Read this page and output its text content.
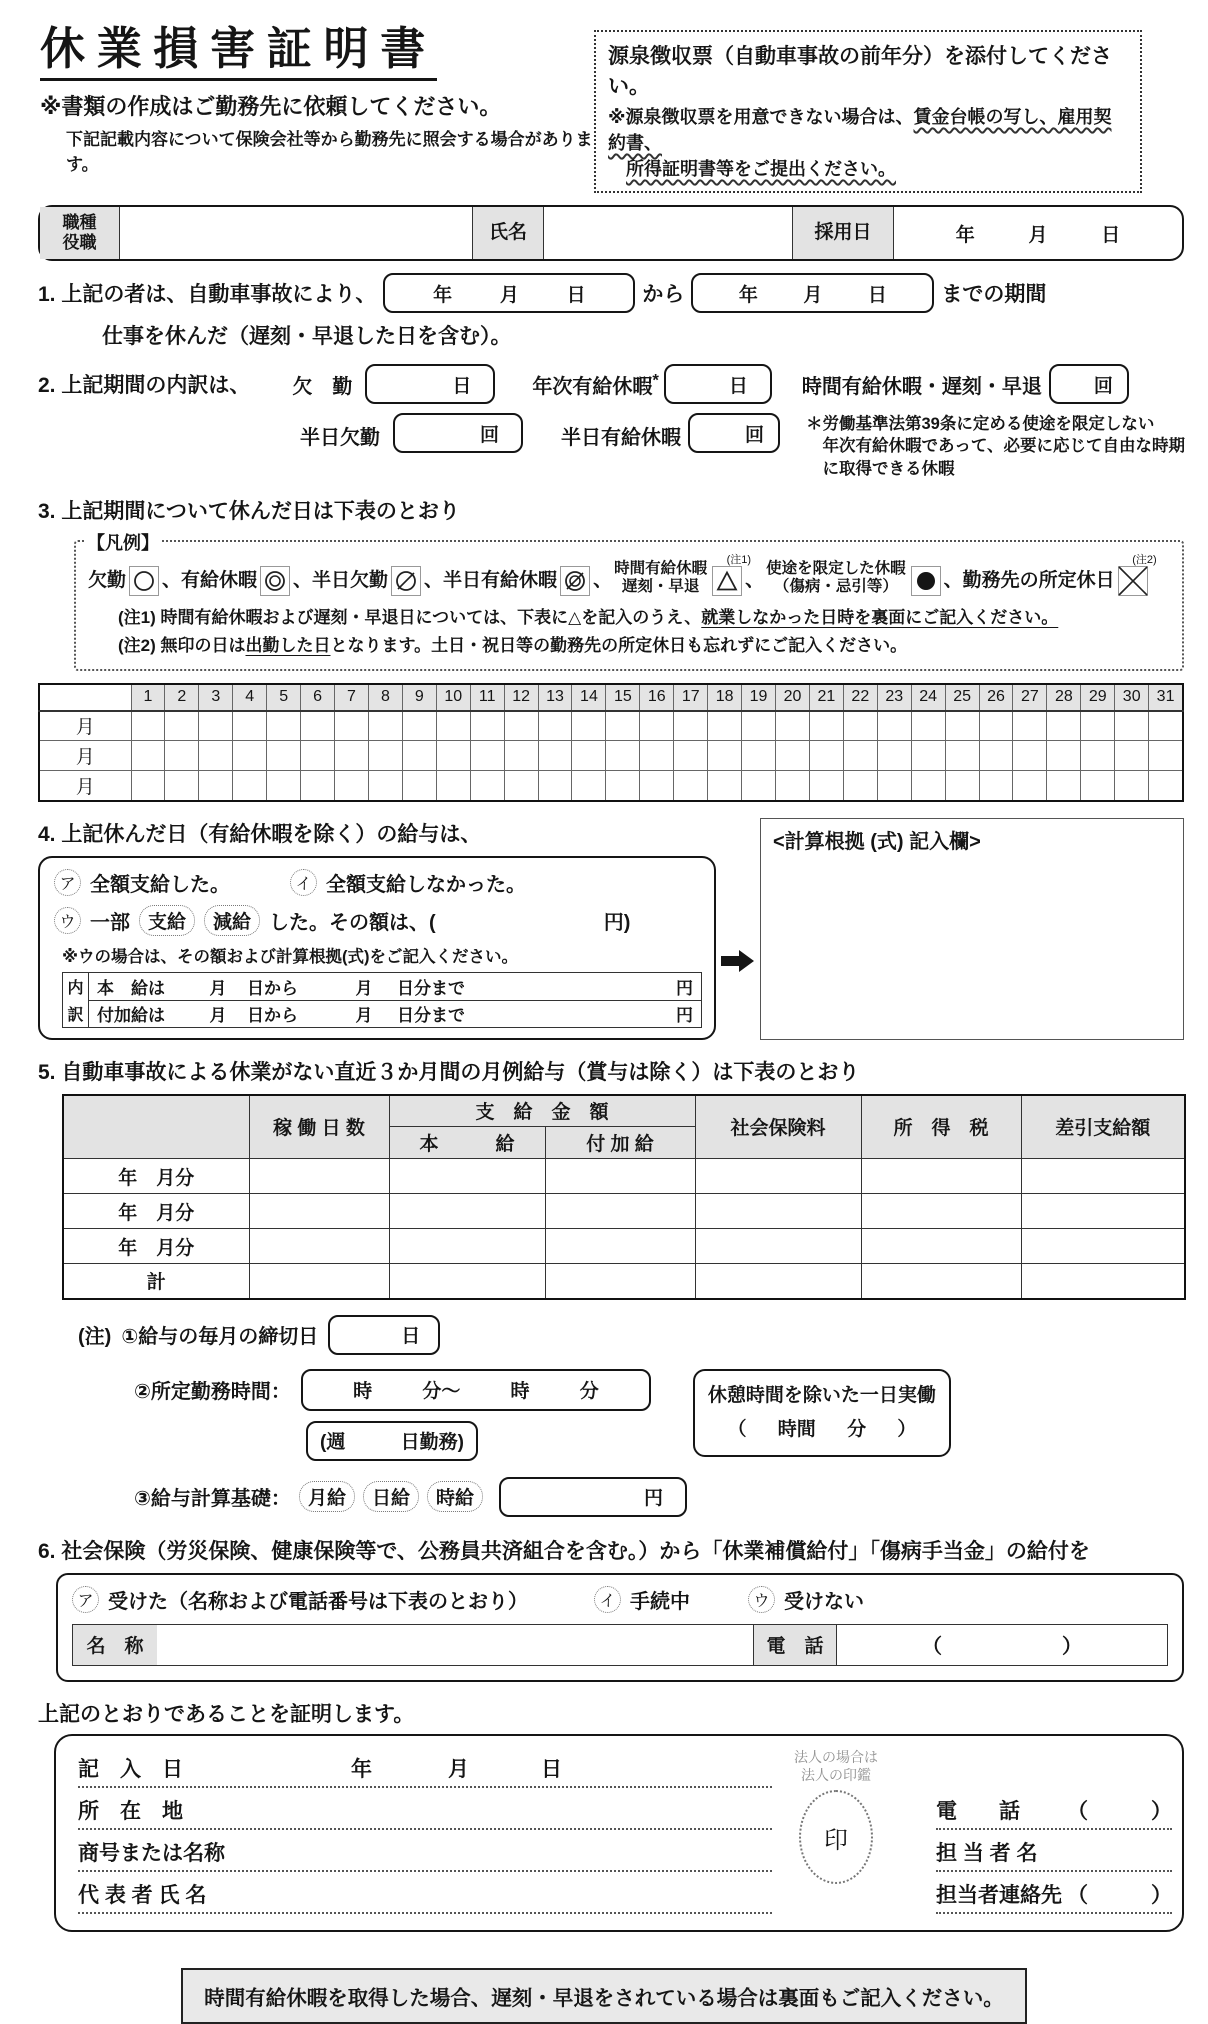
休業損害証明書
※書類の作成はご勤務先に依頼してください。
下記記載内容について保険会社等から勤務先に照会する場合があります。
源泉徴収票（自動車事故の前年分）を添付してください。
※源泉徴収票を用意できない場合は、賃金台帳の写し、雇用契約書、
所得証明書等をご提出ください。
職種
役職	氏名	採用日	年	月	日
1. 上記の者は、自動車事故により、	年	月	日	から	年 月 日	までの期間
仕事を休んだ（遅刻・早退した日を含む）。
2. 上記期間の内訳は、 欠　勤	日	年次有給休暇*	日	時間有給休暇・遅刻・早退	回
半日欠勤	回	半日有給休暇	回
＊労働基準法第39条に定める使途を限定しない
年次有給休暇であって、必要に応じて自由な時期
に取得できる休暇
3. 上記期間について休んだ日は下表のとおり
【凡例】
欠勤 、有給休暇 、半日欠勤 、半日有給休暇 、
時間有給休暇
遅刻・早退
(注1)
、
使途を限定した休暇
（傷病・忌引等） 、勤務先の所定休日
(注2)
(注1) 時間有給休暇および遅刻・早退日については、下表に△を記入のうえ、就業しなかった日時を裏面にご記入ください。
(注2) 無印の日は出勤した日となります。土日・祝日等の勤務先の所定休日も忘れずにご記入ください。
	1	2	3	4	5	6	7	8	9	10	11	12	13	14	15	16	17	18	19	20	21	22	23	24	25	26	27	28	29	30	31
月																															
月																															
月																															
4. 上記休んだ日（有給休暇を除く）の給与は、
ア 全額支給した。	イ 全額支給しなかった。
ウ 一部 支給	減給 した。その額は、(	円)
※ウの場合は、その額および計算根拠(式)をご記入ください。
内
訳
本　給は	月	日から	月	日分まで	円
付加給は	月	日から	月	日分まで	円
<計算根拠 (式) 記入欄>
5. 自動車事故による休業がない直近３か月間の月例給与（賞与は除く）は下表のとおり
	稼 働 日 数	支　給　金　額		社会保険料	所　得　税	差引支給額
		本　　　給	付 加 給			
年　月分						
年　月分						
年　月分						
計						
(注) ①給与の毎月の締切日	日
②所定勤務時間：	時	分～	時	分
(週	日勤務)
休憩時間を除いた一日実働
（ 時間 分 ）
③給与計算基礎： 月給	日給	時給	円
6. 社会保険（労災保険、健康保険等で、公務員共済組合を含む。）から「休業補償給付」「傷病手当金」の給付を
ア 受けた（名称および電話番号は下表のとおり）	イ 手続中	ウ 受けない
名　称	電　話	（	）
上記のとおりであることを証明します。
記　入　日	年	月	日
所　在　地
商号または名称
代 表 者 氏 名
法人の場合は
法人の印鑑
印
電　　話 （　　　）
担 当 者 名
担当者連絡先 （　　　）
時間有給休暇を取得した場合、遅刻・早退をされている場合は裏面もご記入ください。
